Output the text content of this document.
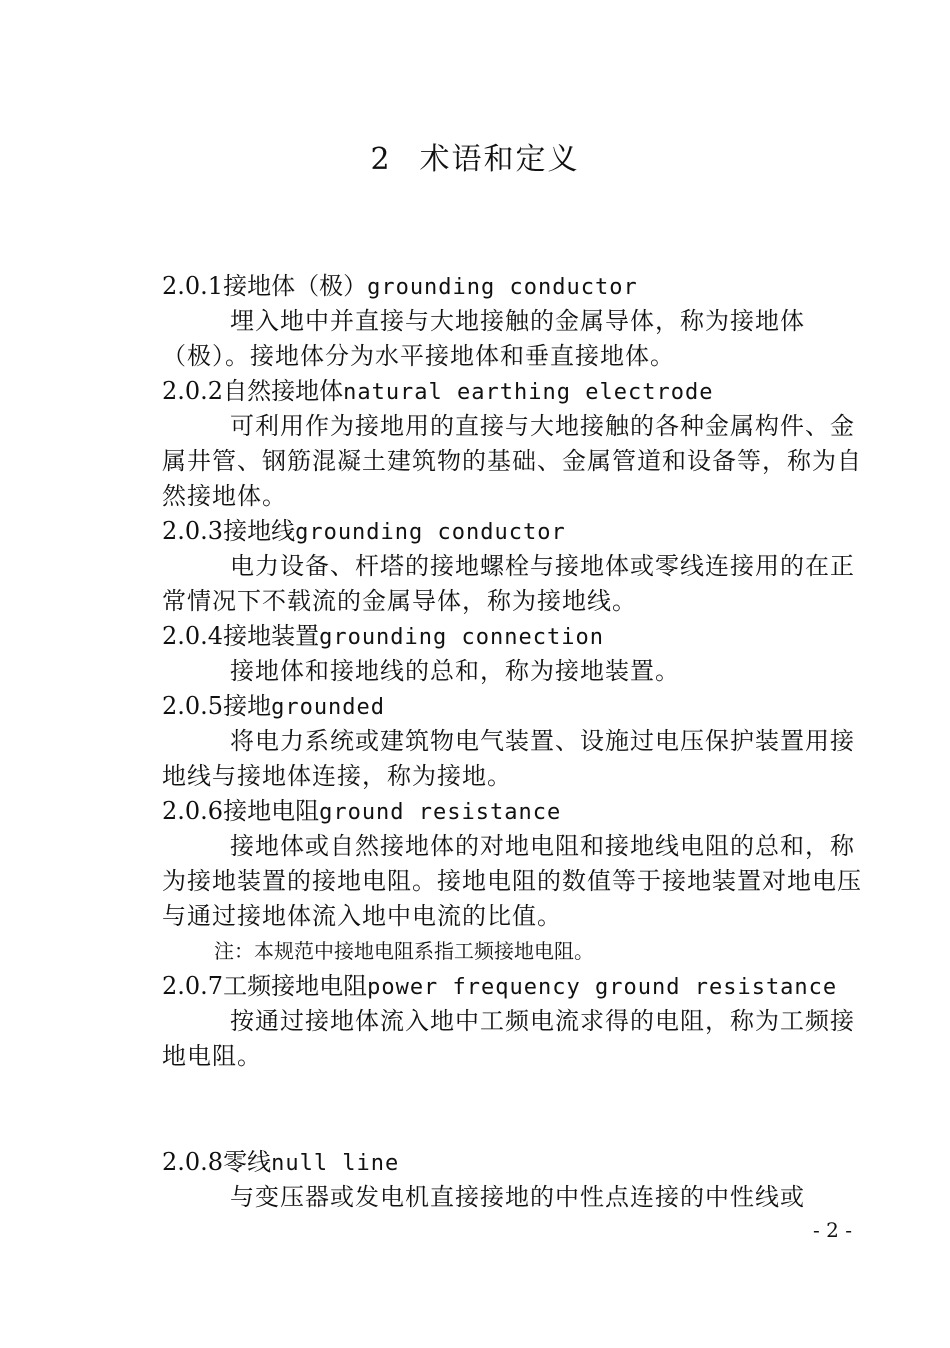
2 术语和定义
2.0.1接地体（极）grounding conductor

埋入地中并直接与大地接触的金属导体，称为接地体（极）。接地体分为水平接地体和垂直接地体。

2.0.2自然接地体natural earthing electrode

可利用作为接地用的直接与大地接触的各种金属构件、金属井管、钢筋混凝土建筑物的基础、金属管道和设备等，称为自然接地体。

2.0.3接地线grounding conductor

电力设备、杆塔的接地螺栓与接地体或零线连接用的在正常情况下不载流的金属导体，称为接地线。

2.0.4接地装置grounding connection

接地体和接地线的总和，称为接地装置。

2.0.5接地grounded

将电力系统或建筑物电气装置、设施过电压保护装置用接地线与接地体连接，称为接地。

2.0.6接地电阻ground resistance

接地体或自然接地体的对地电阻和接地线电阻的总和，称为接地装置的接地电阻。接地电阻的数值等于接地装置对地电压与通过接地体流入地中电流的比值。

注：本规范中接地电阻系指工频接地电阻。
2.0.7工频接地电阻power frequency ground resistance

按通过接地体流入地中工频电流求得的电阻，称为工频接地电阻。

2.0.8零线null line

与变压器或发电机直接接地的中性点连接的中性线或

- 2 -
